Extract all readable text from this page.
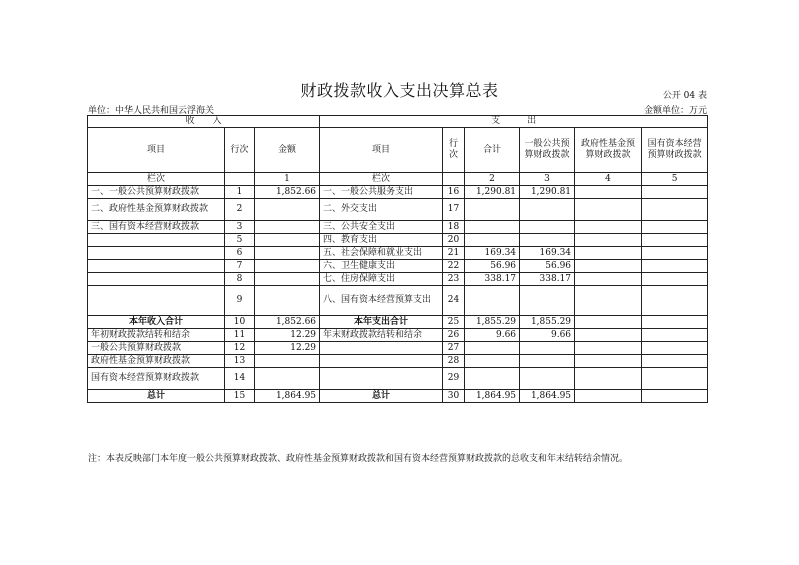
财政拨款收入支出决算总表	公开 04 表
单位：中华人民共和国云浮海关	金额单位：万元
收　　入			支　　　出					
项目	行次	金额	项目	行次	合计	一般公共预算财政拨款	政府性基金预算财政拨款	国有资本经营预算财政拨款
栏次		1	栏次		2	3	4	5
一、一般公共预算财政拨款	1	1,852.66	一、一般公共服务支出	16	1,290.81	1,290.81		
二、政府性基金预算财政拨款	2		二、外交支出	17				
三、国有资本经营财政拨款	3		三、公共安全支出	18				
	5		四、教育支出	20				
	6		五、社会保障和就业支出	21	169.34	169.34		
	7		六、卫生健康支出	22	56.96	56.96		
	8		七、住房保障支出	23	338.17	338.17		
	9		八、国有资本经营预算支出	24				
本年收入合计	10	1,852.66	本年支出合计	25	1,855.29	1,855.29		
年初财政拨款结转和结余	11	12.29	年末财政拨款结转和结余	26	9.66	9.66		
一般公共预算财政拨款	12	12.29		27				
政府性基金预算财政拨款	13			28				
国有资本经营预算财政拨款	14			29				
总计	15	1,864.95	总计	30	1,864.95	1,864.95		
注：本表反映部门本年度一般公共预算财政拨款、政府性基金预算财政拨款和国有资本经营预算财政拨款的总收支和年末结转结余情况。
